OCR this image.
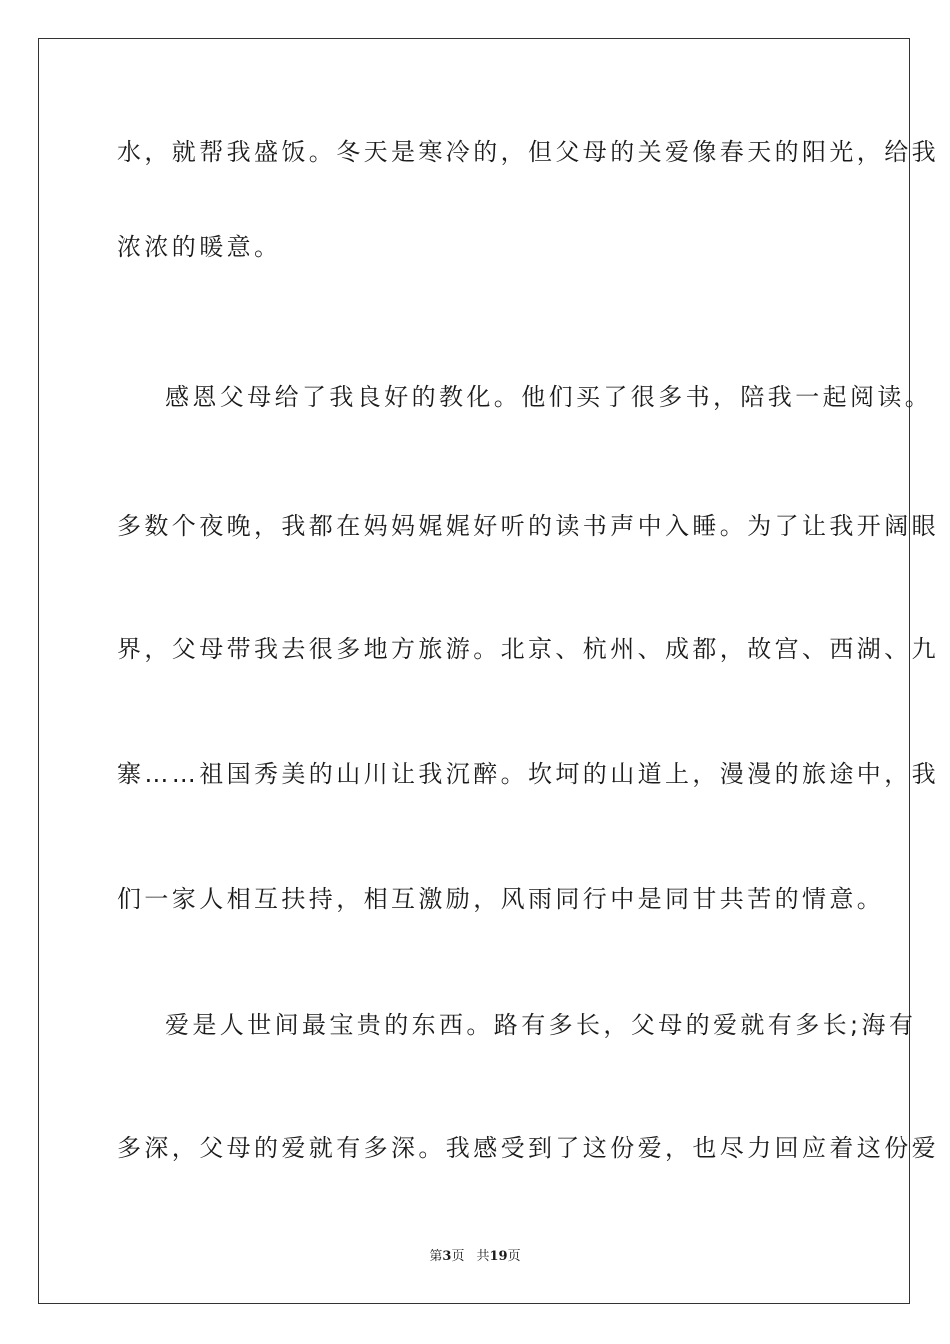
水，就帮我盛饭。冬天是寒冷的，但父母的关爱像春天的阳光，给我

浓浓的暖意。

感恩父母给了我良好的教化。他们买了很多书，陪我一起阅读。

多数个夜晚，我都在妈妈娓娓好听的读书声中入睡。为了让我开阔眼

界，父母带我去很多地方旅游。北京、杭州、成都，故宫、西湖、九

寨……祖国秀美的山川让我沉醉。坎坷的山道上，漫漫的旅途中，我

们一家人相互扶持，相互激励，风雨同行中是同甘共苦的情意。

爱是人世间最宝贵的东西。路有多长，父母的爱就有多长;海有

多深，父母的爱就有多深。我感受到了这份爱，也尽力回应着这份爱

第3页 共19页
